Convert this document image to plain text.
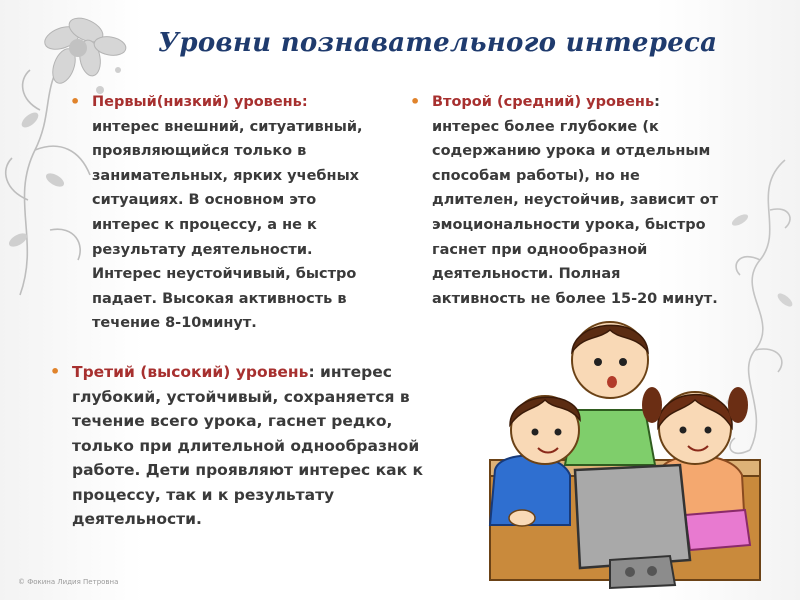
Уровни познавательного интереса
• Первый(низкий) уровень:
интерес внешний, ситуативный,
проявляющийся только в
занимательных, ярких учебных
ситуациях. В основном это
интерес к процессу, а не к
результату деятельности.
Интерес неустойчивый, быстро
падает. Высокая активность в
течение 8-10минут.
• Второй (средний) уровень:
интерес более глубокие (к
содержанию урока и отдельным
способам работы), но не
длителен, неустойчив, зависит от
эмоциональности урока, быстро
гаснет при однообразной
деятельности. Полная
активность не более 15-20 минут.
• Третий (высокий) уровень: интерес
глубокий, устойчивый, сохраняется в
течение всего урока, гаснет редко,
только при длительной однообразной
работе. Дети проявляют интерес как к
процессу, так и к результату
деятельности.
© Фокина Лидия Петровна
